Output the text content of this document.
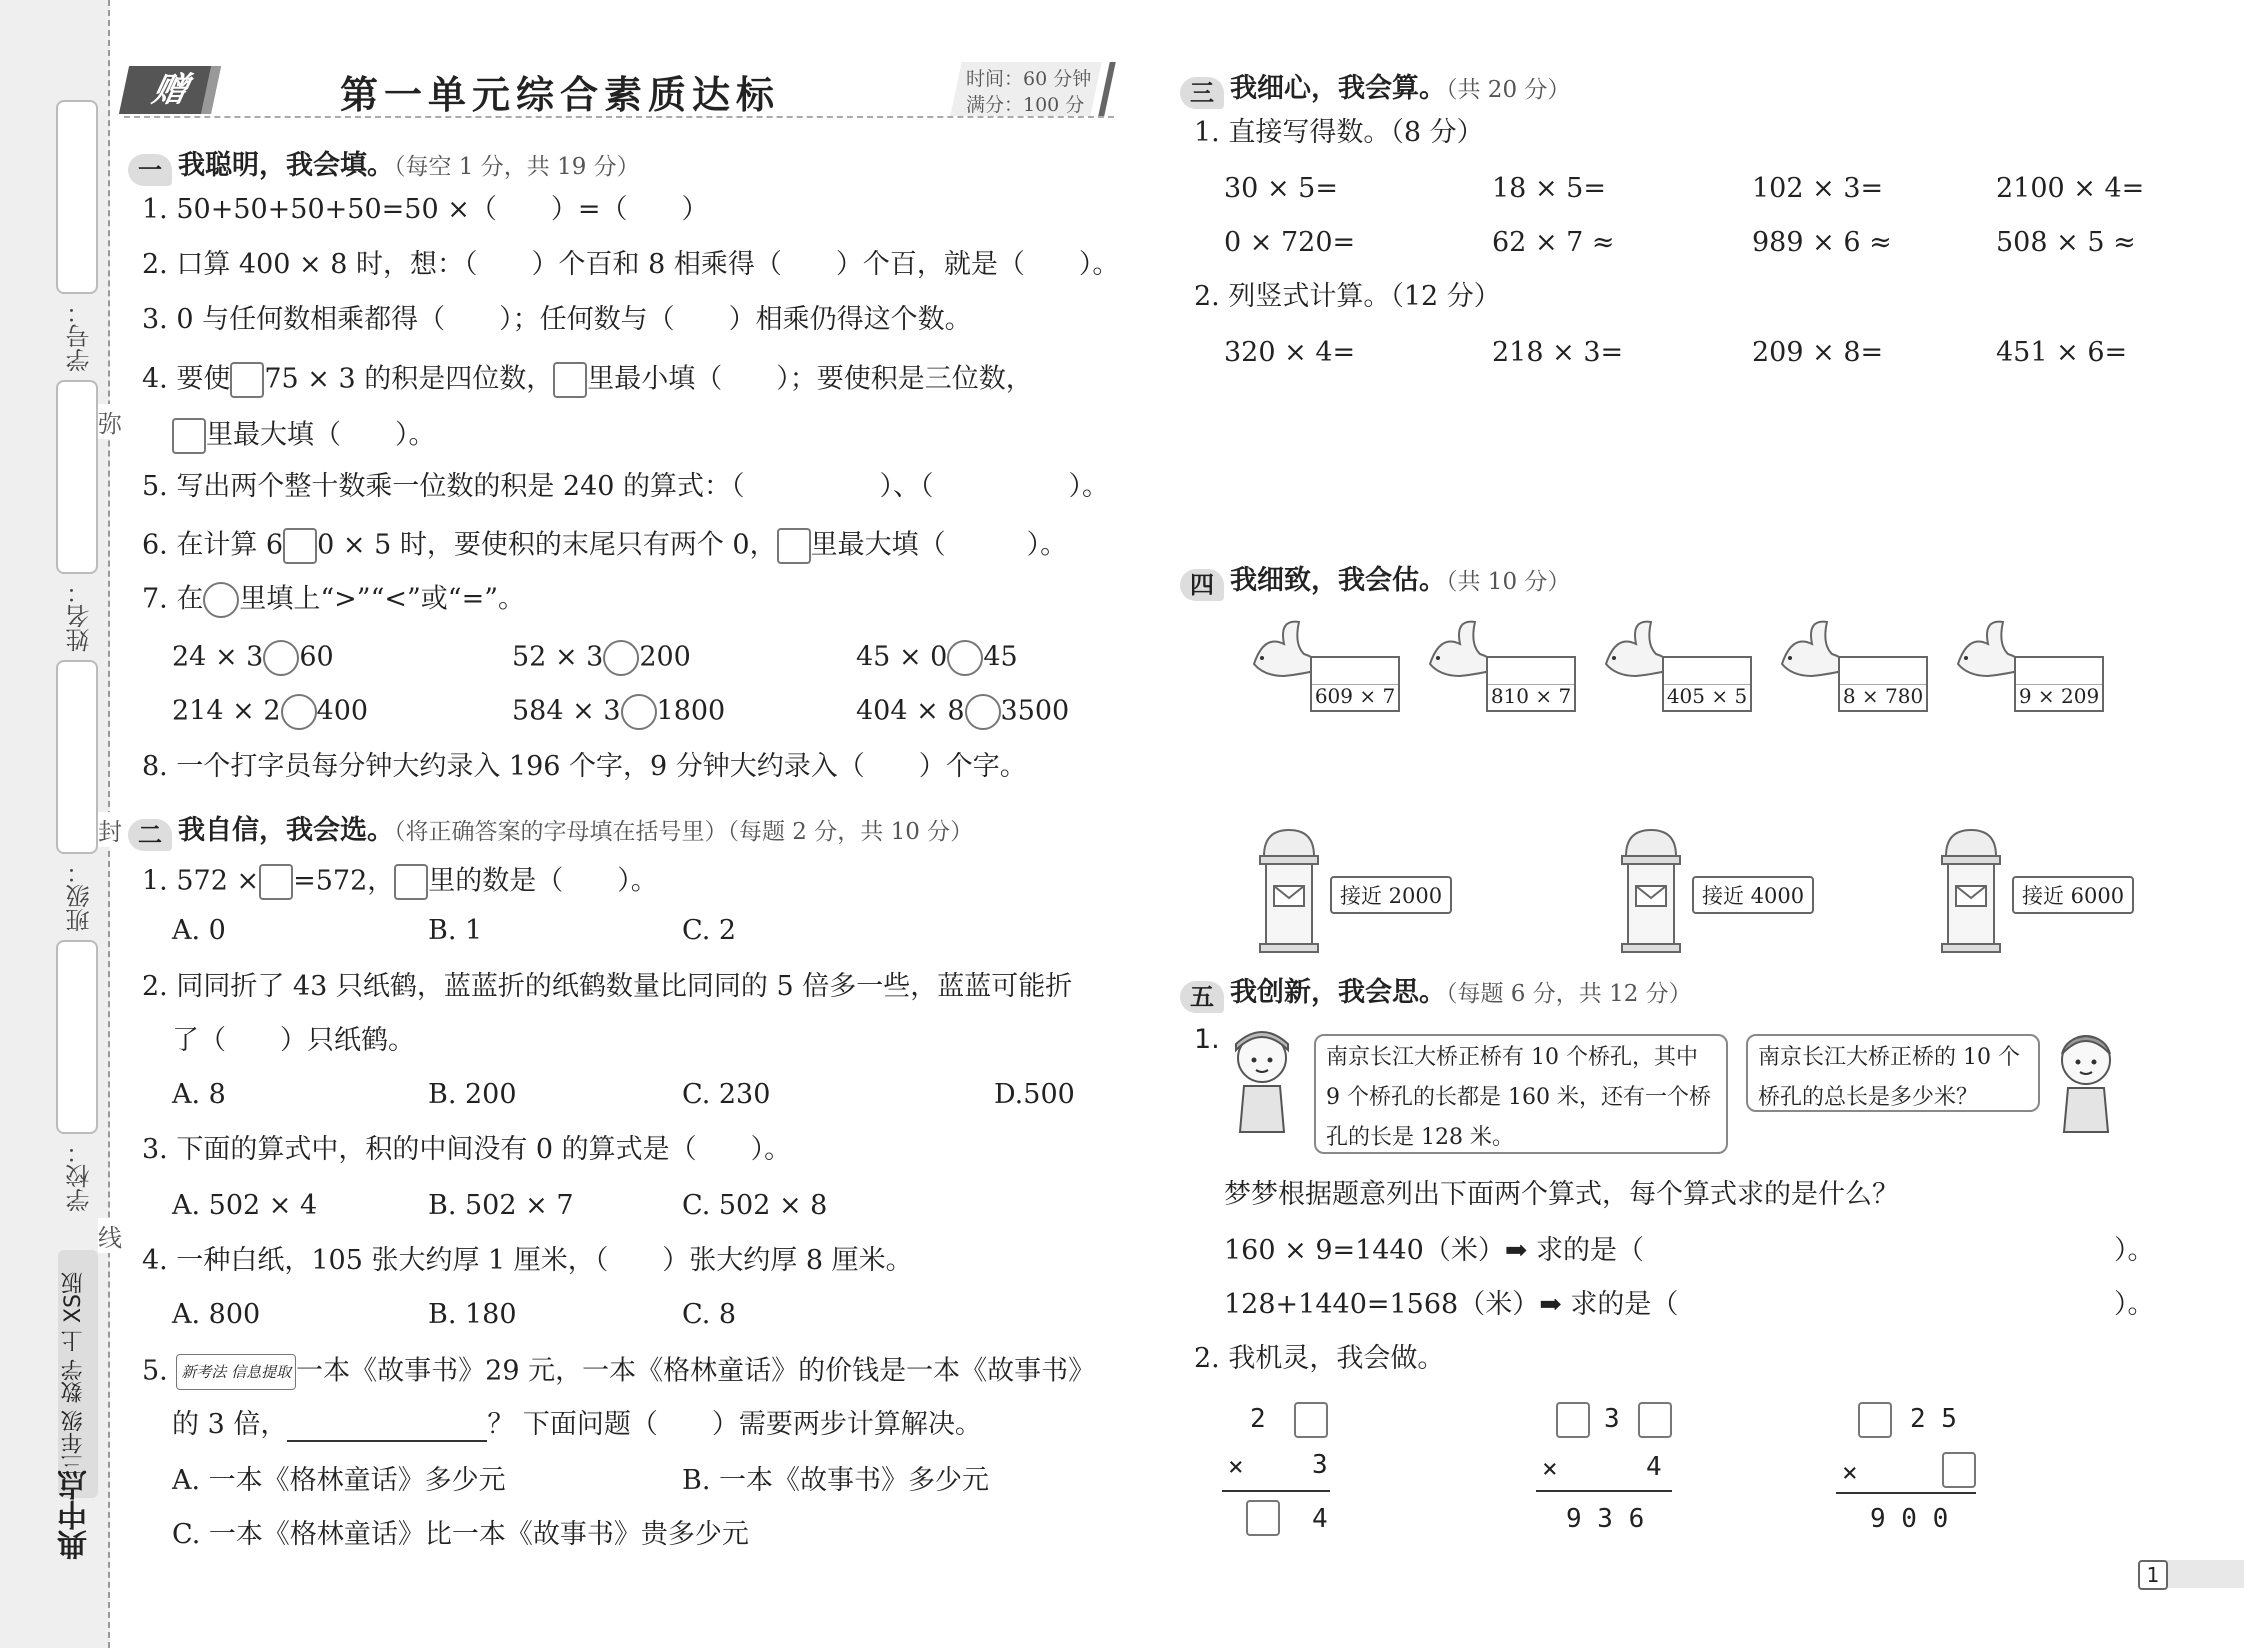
学号：
姓名：
班级：
学校：
弥
封
线
三年级 数学 上 XS版
典中点
赠	第一单元综合素质达标	时间：60 分钟
满分：100 分
一 我聪明，我会填。（每空 1 分，共 19 分）
1. 50+50+50+50=50 ×（　　）=（　　）
2. 口算 400 × 8 时，想：（　　）个百和 8 相乘得（　　）个百，就是（　　）。
3. 0 与任何数相乘都得（　　）；任何数与（　　）相乘仍得这个数。
4. 要使 75 × 3 的积是四位数， 里最小填（　　）；要使积是三位数，
里最大填（　　）。
5. 写出两个整十数乘一位数的积是 240 的算式：（　　　　　）、（　　　　　）。
6. 在计算 6 0 × 5 时，要使积的末尾只有两个 0， 里最大填（　　　）。
7. 在 里填上“>”“<”或“=”。
24 × 3 60	52 × 3 200	45 × 0 45
214 × 2 400	584 × 3 1800	404 × 8 3500
8. 一个打字员每分钟大约录入 196 个字，9 分钟大约录入（　　）个字。
二 我自信，我会选。（将正确答案的字母填在括号里）（每题 2 分，共 10 分）
1. 572 × =572， 里的数是（　　）。
A. 0	B. 1	C. 2
2. 同同折了 43 只纸鹤，蓝蓝折的纸鹤数量比同同的 5 倍多一些，蓝蓝可能折
了（　　）只纸鹤。
A. 8	B. 200	C. 230	D.500
3. 下面的算式中，积的中间没有 0 的算式是（　　）。
A. 502 × 4	B. 502 × 7	C. 502 × 8
4. 一种白纸，105 张大约厚 1 厘米，（　　）张大约厚 8 厘米。
A. 800	B. 180	C. 8
5. 新考法 信息提取 一本《故事书》29 元，一本《格林童话》的价钱是一本《故事书》
的 3 倍，	？ 下面问题（　　）需要两步计算解决。
A. 一本《格林童话》多少元	B. 一本《故事书》多少元
C. 一本《格林童话》比一本《故事书》贵多少元
三 我细心，我会算。（共 20 分）
1. 直接写得数。（8 分）
30 × 5=	18 × 5=	102 × 3=	2100 × 4=
0 × 720=	62 × 7 ≈	989 × 6 ≈	508 × 5 ≈
2. 列竖式计算。（12 分）
320 × 4=	218 × 3=	209 × 8=	451 × 6=
四 我细致，我会估。（共 10 分）
609 × 7	810 × 7	405 × 5	8 × 780	9 × 209
接近 2000	接近 4000	接近 6000
五 我创新，我会思。（每题 6 分，共 12 分）
1.
南京长江大桥正桥有 10 个桥孔，其中 9 个桥孔的长都是 160 米，还有一个桥孔的长是 128 米。
南京长江大桥正桥的 10 个桥孔的总长是多少米？
梦梦根据题意列出下面两个算式，每个算式求的是什么？
160 × 9=1440（米）➡ 求的是（	）。
128+1440=1568（米）➡ 求的是（	）。
2. 我机灵，我会做。
2
×	3
4
3
×	4
9 3 6
2 5
×
9 0 0
1
